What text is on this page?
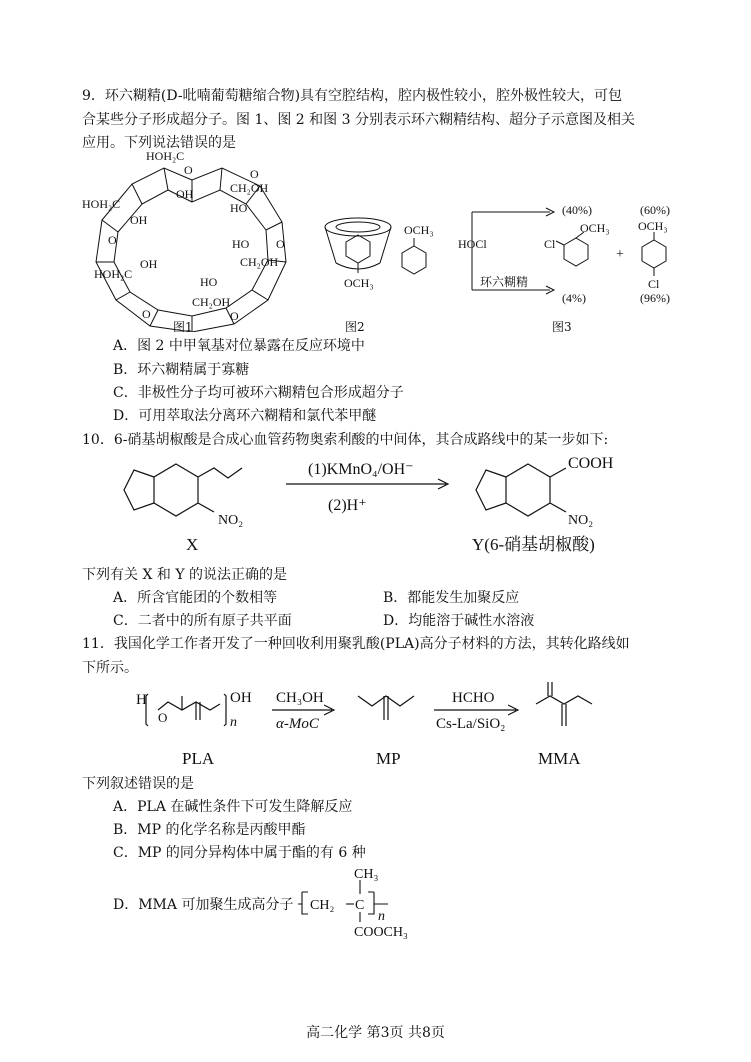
9．环六糊精(D-吡喃葡萄糖缩合物)具有空腔结构，腔内极性较小，腔外极性较大，可包
合某些分子形成超分子。图 1、图 2 和图 3 分别表示环六糊精结构、超分子示意图及相关
应用。下列说法错误的是
HOH₂C
HOH₂C
HOH₂C
CH₂OH
CH₂OH
CH₂OH
OH
OH
HO
HO
OH
HO
O
O
O	O
O
O
OCH₃
OCH₃
HOCl
环六糊精
(40%)	(60%)
(4%)	(96%)
Cl
OCH₃ OCH₃
Cl
+
图1	图2	图3
A．图 2 中甲氧基对位暴露在反应环境中
B．环六糊精属于寡糖
C．非极性分子均可被环六糊精包合形成超分子
D．可用萃取法分离环六糊精和氯代苯甲醚
10．6-硝基胡椒酸是合成心血管药物奥索利酸的中间体，其合成路线中的某一步如下:
NO₂
(1)KMnO₄/OH⁻
(2)H⁺
COOH
NO₂
X	Y(6-硝基胡椒酸)
下列有关 X 和 Y 的说法正确的是
A．所含官能团的个数相等	B．都能发生加聚反应
C．二者中的所有原子共平面	D．均能溶于碱性水溶液
11．我国化学工作者开发了一种回收利用聚乳酸(PLA)高分子材料的方法，其转化路线如
下所示。
H
O
OH
n
CH₃OH
α-MoC
HCHO
Cs-La/SiO₂
PLA	MP	MMA
下列叙述错误的是
A．PLA 在碱性条件下可发生降解反应
B．MP 的化学名称是丙酸甲酯
C．MP 的同分异构体中属于酯的有 6 种
D．MMA 可加聚生成高分子
CH₃
CH₂ C
n
COOCH₃
高二化学 第3页 共8页
